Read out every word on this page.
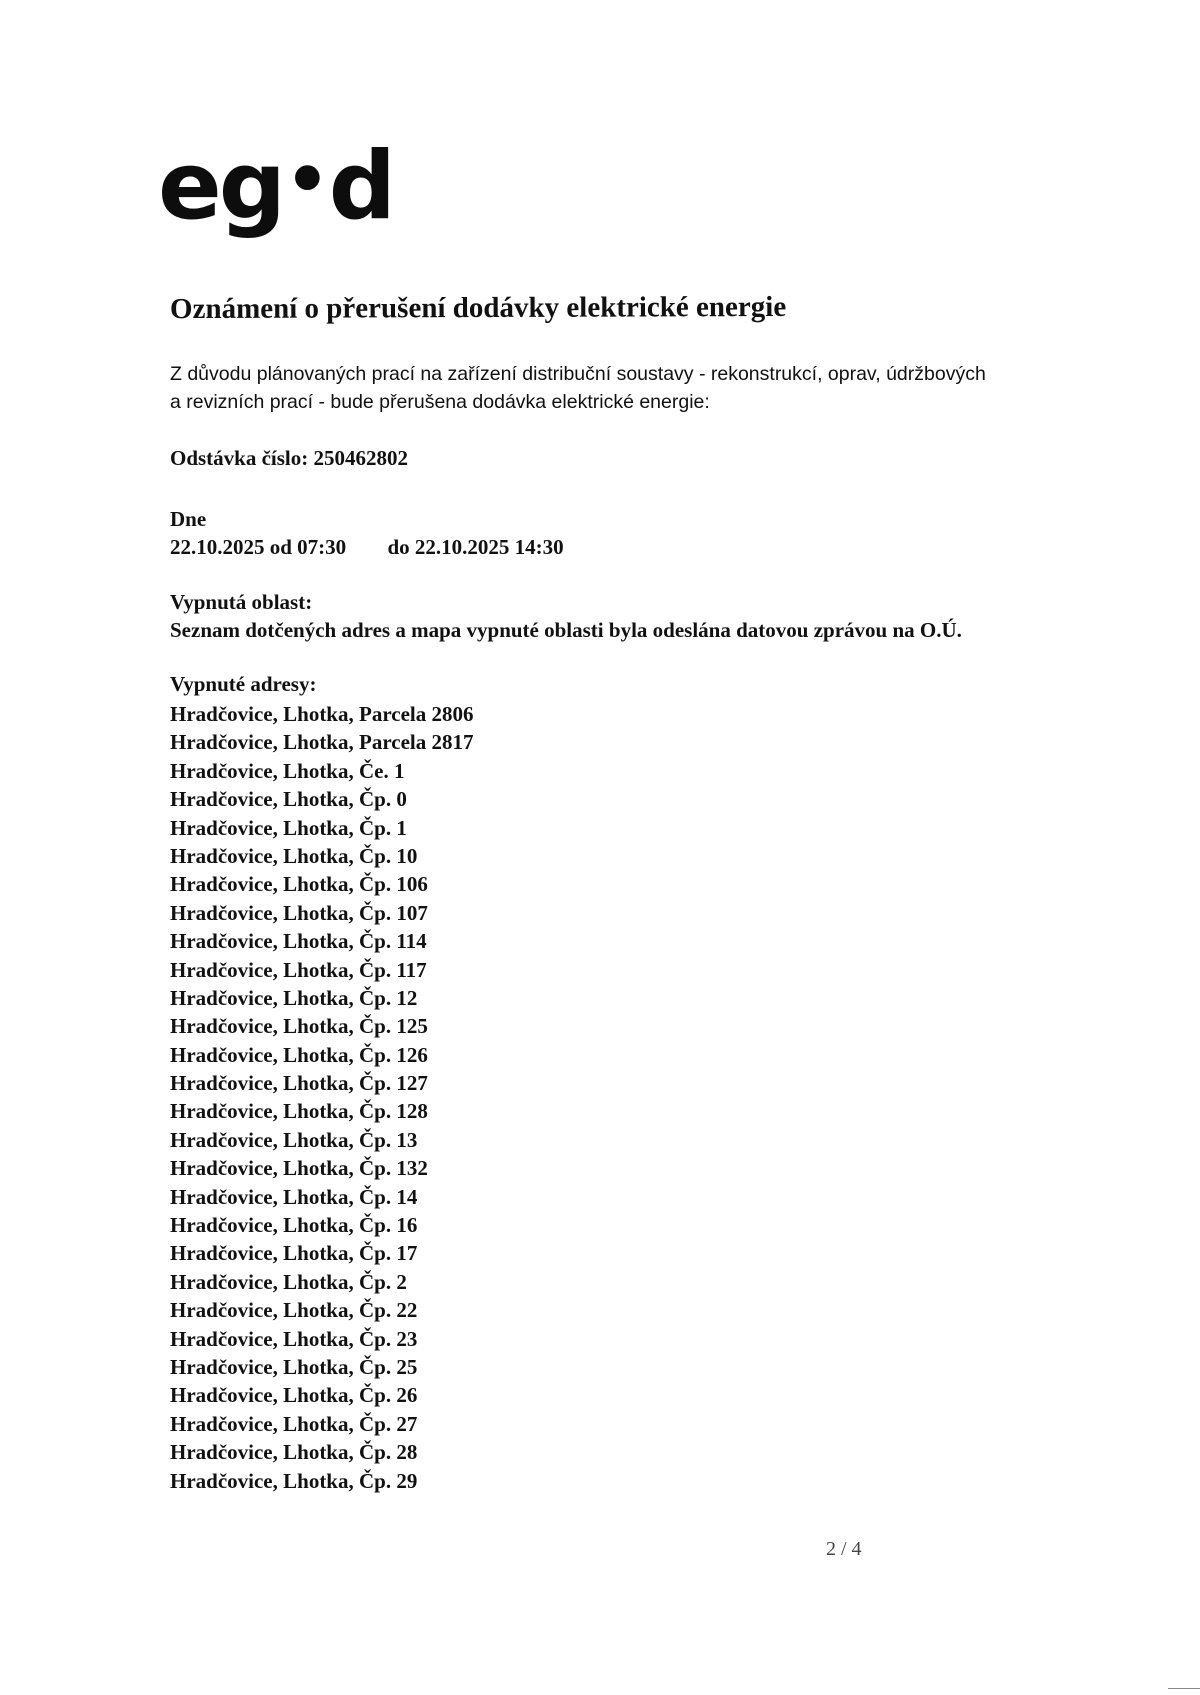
eg•d
Oznámení o přerušení dodávky elektrické energie

Z důvodu plánovaných prací na zařízení distribuční soustavy - rekonstrukcí, oprav, údržbových a revizních prací - bude přerušena dodávka elektrické energie:

Odstávka číslo: 250462802
Dne
22.10.2025 od 07:30 do 22.10.2025 14:30
Vypnutá oblast:
Seznam dotčených adres a mapa vypnuté oblasti byla odeslána datovou zprávou na O.Ú.
Vypnuté adresy:
Hradčovice, Lhotka, Parcela 2806
Hradčovice, Lhotka, Parcela 2817
Hradčovice, Lhotka, Če. 1
Hradčovice, Lhotka, Čp. 0
Hradčovice, Lhotka, Čp. 1
Hradčovice, Lhotka, Čp. 10
Hradčovice, Lhotka, Čp. 106
Hradčovice, Lhotka, Čp. 107
Hradčovice, Lhotka, Čp. 114
Hradčovice, Lhotka, Čp. 117
Hradčovice, Lhotka, Čp. 12
Hradčovice, Lhotka, Čp. 125
Hradčovice, Lhotka, Čp. 126
Hradčovice, Lhotka, Čp. 127
Hradčovice, Lhotka, Čp. 128
Hradčovice, Lhotka, Čp. 13
Hradčovice, Lhotka, Čp. 132
Hradčovice, Lhotka, Čp. 14
Hradčovice, Lhotka, Čp. 16
Hradčovice, Lhotka, Čp. 17
Hradčovice, Lhotka, Čp. 2
Hradčovice, Lhotka, Čp. 22
Hradčovice, Lhotka, Čp. 23
Hradčovice, Lhotka, Čp. 25
Hradčovice, Lhotka, Čp. 26
Hradčovice, Lhotka, Čp. 27
Hradčovice, Lhotka, Čp. 28
Hradčovice, Lhotka, Čp. 29
2 / 4
